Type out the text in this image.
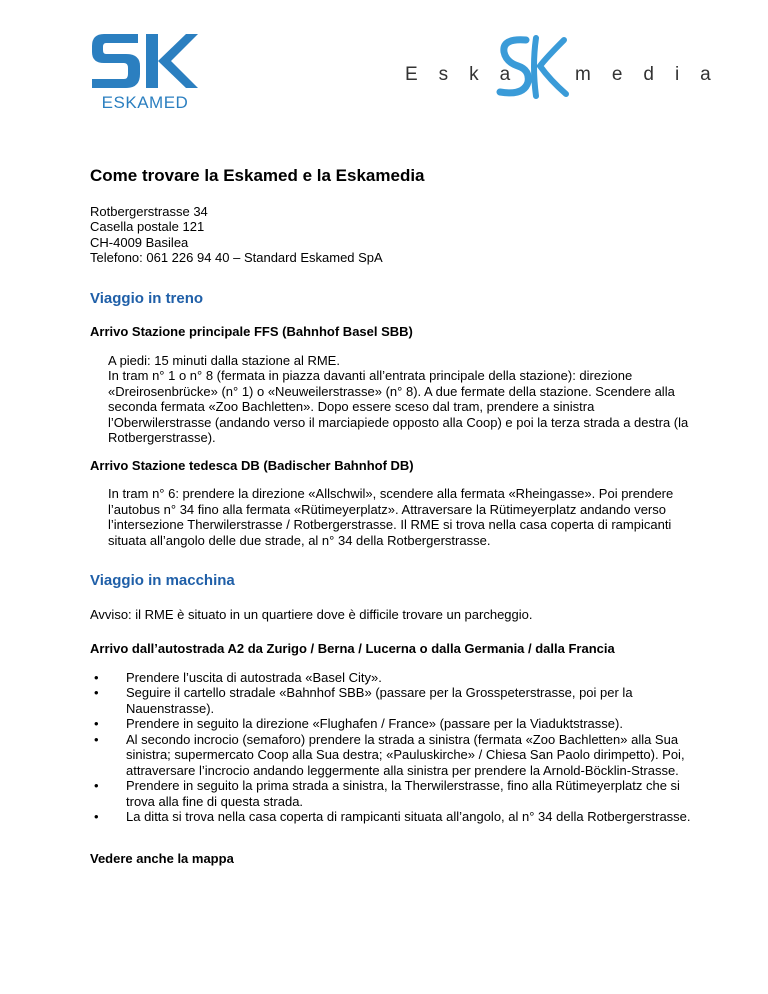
ESKAMED
Eska media
Come trovare la Eskamed e la Eskamedia
Rotbergerstrasse 34
Casella postale 121
CH-4009 Basilea
Telefono: 061 226 94 40 – Standard Eskamed SpA
Viaggio in treno
Arrivo Stazione principale FFS (Bahnhof Basel SBB)

A piedi: 15 minuti dalla stazione al RME.

In tram n° 1 o n° 8 (fermata in piazza davanti all’entrata principale della stazione): direzione «Dreirosenbrücke» (n° 1) o «Neuweilerstrasse» (n° 8). A due fermate della stazione. Scendere alla seconda fermata «Zoo Bachletten». Dopo essere sceso dal tram, prendere a sinistra l’Oberwilerstrasse (andando verso il marciapiede opposto alla Coop) e poi la terza strada a destra (la Rotbergerstrasse).

Arrivo Stazione tedesca DB (Badischer Bahnhof DB)

In tram n° 6: prendere la direzione «Allschwil», scendere alla fermata «Rheingasse». Poi prendere l’autobus n° 34 fino alla fermata «Rütimeyerplatz». Attraversare la Rütimeyerplatz andando verso l’intersezione Therwilerstrasse / Rotbergerstrasse. Il RME si trova nella casa coperta di rampicanti situata all’angolo delle due strade, al n° 34 della Rotbergerstrasse.

Viaggio in macchina

Avviso: il RME è situato in un quartiere dove è difficile trovare un parcheggio.

Arrivo dall’autostrada A2 da Zurigo / Berna / Lucerna o dalla Germania / dalla Francia
• Prendere l’uscita di autostrada «Basel City».
• Seguire il cartello stradale «Bahnhof SBB» (passare per la Grosspeterstrasse, poi per la Nauenstrasse).
• Prendere in seguito la direzione «Flughafen / France» (passare per la Viaduktstrasse).
• Al secondo incrocio (semaforo) prendere la strada a sinistra (fermata «Zoo Bachletten» alla Sua sinistra; supermercato Coop alla Sua destra; «Pauluskirche» / Chiesa San Paolo dirimpetto). Poi, attraversare l’incrocio andando leggermente alla sinistra per prendere la Arnold-Böcklin-Strasse.
• Prendere in seguito la prima strada a sinistra, la Therwilerstrasse, fino alla Rütimeyerplatz che si trova alla fine di questa strada.
• La ditta si trova nella casa coperta di rampicanti situata all’angolo, al n° 34 della Rotbergerstrasse.
Vedere anche la mappa
